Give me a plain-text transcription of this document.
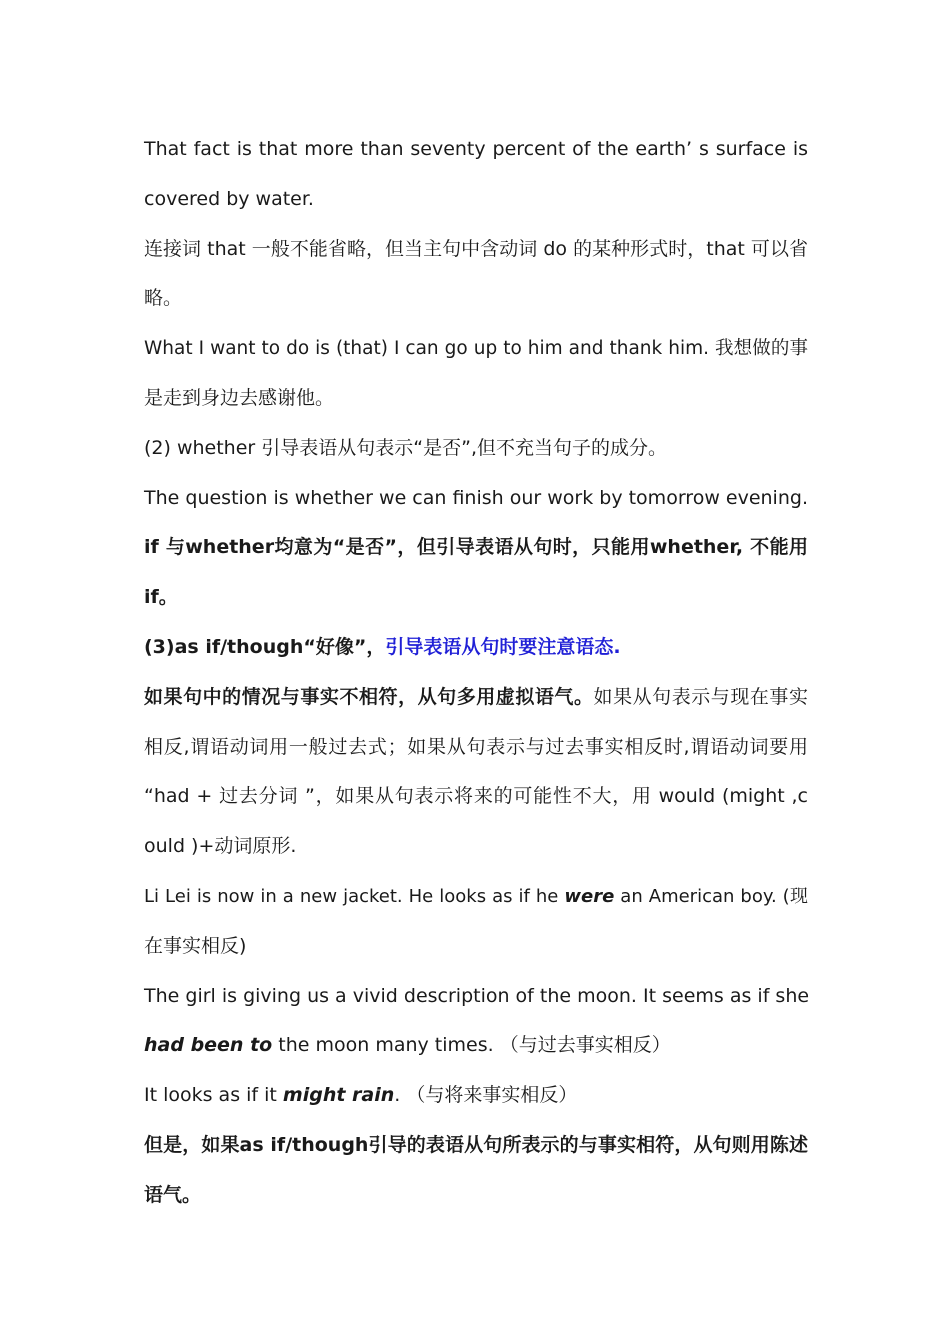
That fact is that more than seventy percent of the earth’ s surface is
covered by water.
连接词 that 一般不能省略，但当主句中含动词 do 的某种形式时，that 可以省
略。
What I want to do is (that) I can go up to him and thank him. 我想做的事
是走到身边去感谢他。
(2) whether 引导表语从句表示“是否”,但不充当句子的成分。
The question is whether we can finish our work by tomorrow evening.
if 与whether均意为“是否”，但引导表语从句时，只能用whether, 不能用
if。
(3)as if/though“好像”，引导表语从句时要注意语态.
如果句中的情况与事实不相符，从句多用虚拟语气。如果从句表示与现在事实
相反,谓语动词用一般过去式；如果从句表示与过去事实相反时,谓语动词要用
“had + 过去分词 ”，如果从句表示将来的可能性不大，用 would (might ,c
ould )+动词原形.
Li Lei is now in a new jacket. He looks as if he were an American boy. (现
在事实相反)
The girl is giving us a vivid description of the moon. It seems as if she
had been to the moon many times. （与过去事实相反）
It looks as if it might rain. （与将来事实相反）
但是，如果as if/though引导的表语从句所表示的与事实相符，从句则用陈述
语气。
